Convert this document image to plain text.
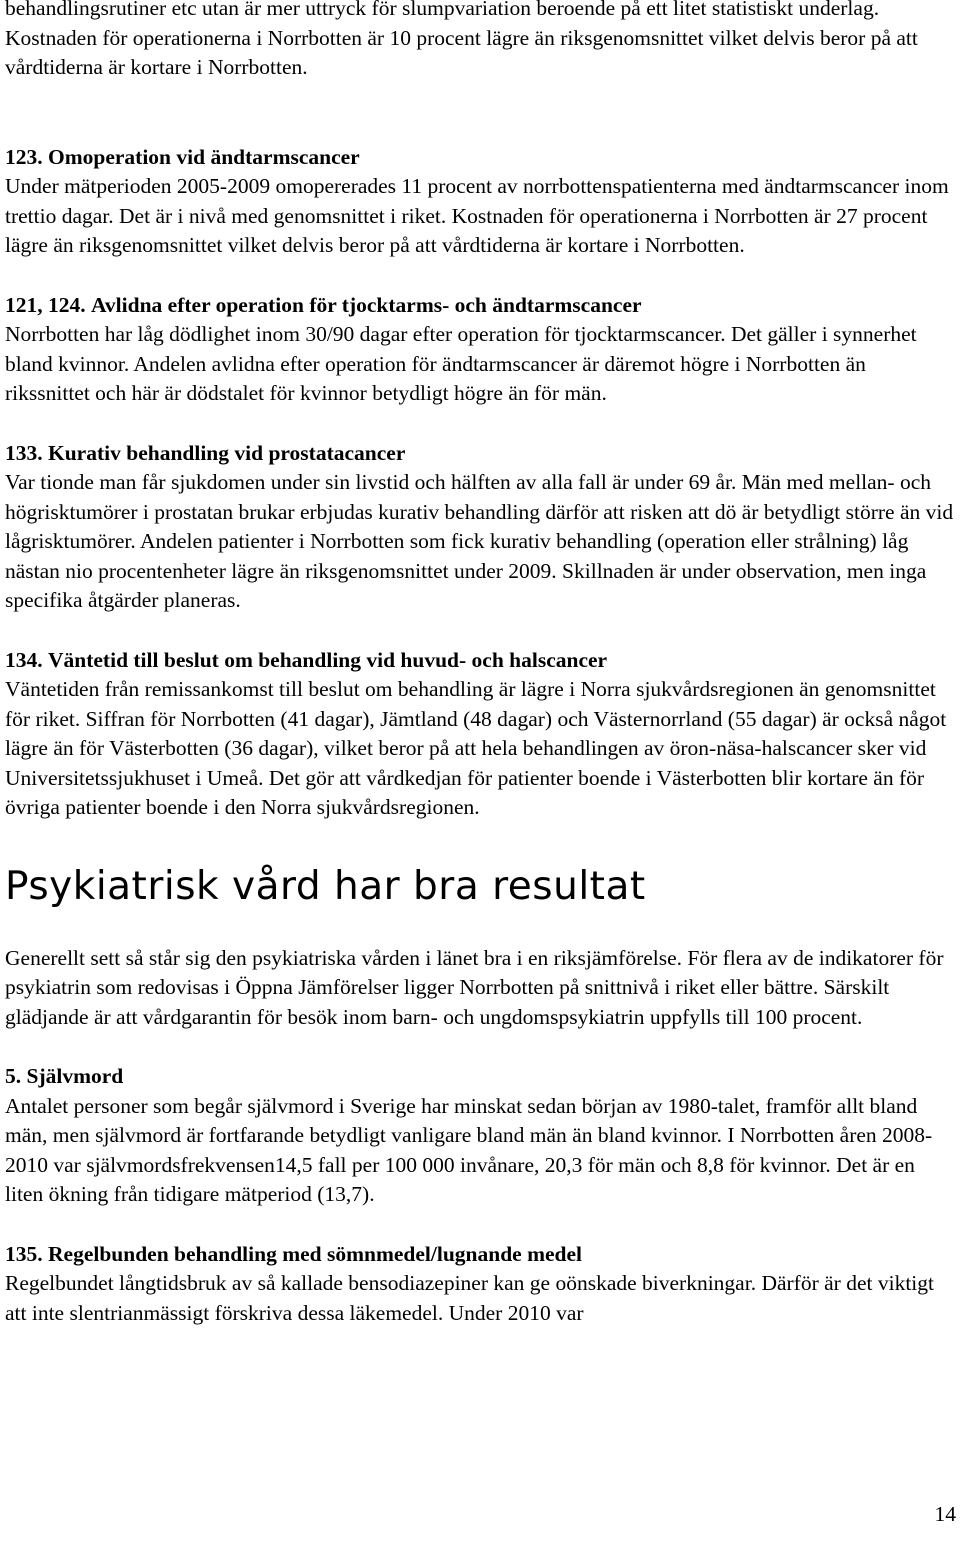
behandlingsrutiner etc utan är mer uttryck för slumpvariation beroende på ett litet statistiskt underlag. Kostnaden för operationerna i Norrbotten är 10 procent lägre än riksgenomsnittet vilket delvis beror på att vårdtiderna är kortare i Norrbotten.

123. Omoperation vid ändtarmscancer

Under mätperioden 2005-2009 omopererades 11 procent av norrbottenspatienterna med ändtarmscancer inom trettio dagar. Det är i nivå med genomsnittet i riket. Kostnaden för operationerna i Norrbotten är 27 procent lägre än riksgenomsnittet vilket delvis beror på att vårdtiderna är kortare i Norrbotten.

121, 124. Avlidna efter operation för tjocktarms- och ändtarmscancer

Norrbotten har låg dödlighet inom 30/90 dagar efter operation för tjocktarmscancer. Det gäller i synnerhet bland kvinnor. Andelen avlidna efter operation för ändtarmscancer är däremot högre i Norrbotten än rikssnittet och här är dödstalet för kvinnor betydligt högre än för män.

133. Kurativ behandling vid prostatacancer

Var tionde man får sjukdomen under sin livstid och hälften av alla fall är under 69 år. Män med mellan- och högrisktumörer i prostatan brukar erbjudas kurativ behandling därför att risken att dö är betydligt större än vid lågrisktumörer. Andelen patienter i Norrbotten som fick kurativ behandling (operation eller strålning) låg nästan nio procentenheter lägre än riksgenomsnittet under 2009. Skillnaden är under observation, men inga specifika åtgärder planeras.

134. Väntetid till beslut om behandling vid huvud- och halscancer

Väntetiden från remissankomst till beslut om behandling är lägre i Norra sjukvårdsregionen än genomsnittet för riket. Siffran för Norrbotten (41 dagar), Jämtland (48 dagar) och Västernorrland (55 dagar) är också något lägre än för Västerbotten (36 dagar), vilket beror på att hela behandlingen av öron-näsa-halscancer sker vid Universitetssjukhuset i Umeå. Det gör att vårdkedjan för patienter boende i Västerbotten blir kortare än för övriga patienter boende i den Norra sjukvårdsregionen.

Psykiatrisk vård har bra resultat

Generellt sett så står sig den psykiatriska vården i länet bra i en riksjämförelse. För flera av de indikatorer för psykiatrin som redovisas i Öppna Jämförelser ligger Norrbotten på snittnivå i riket eller bättre. Särskilt glädjande är att vårdgarantin för besök inom barn- och ungdomspsykiatrin uppfylls till 100 procent.

5. Självmord

Antalet personer som begår självmord i Sverige har minskat sedan början av 1980-talet, framför allt bland män, men självmord är fortfarande betydligt vanligare bland män än bland kvinnor. I Norrbotten åren 2008-2010 var självmordsfrekvensen14,5 fall per 100 000 invånare, 20,3 för män och 8,8 för kvinnor. Det är en liten ökning från tidigare mätperiod (13,7).

135. Regelbunden behandling med sömnmedel/lugnande medel

Regelbundet långtidsbruk av så kallade bensodiazepiner kan ge oönskade biverkningar. Därför är det viktigt att inte slentrianmässigt förskriva dessa läkemedel. Under 2010 var

14
